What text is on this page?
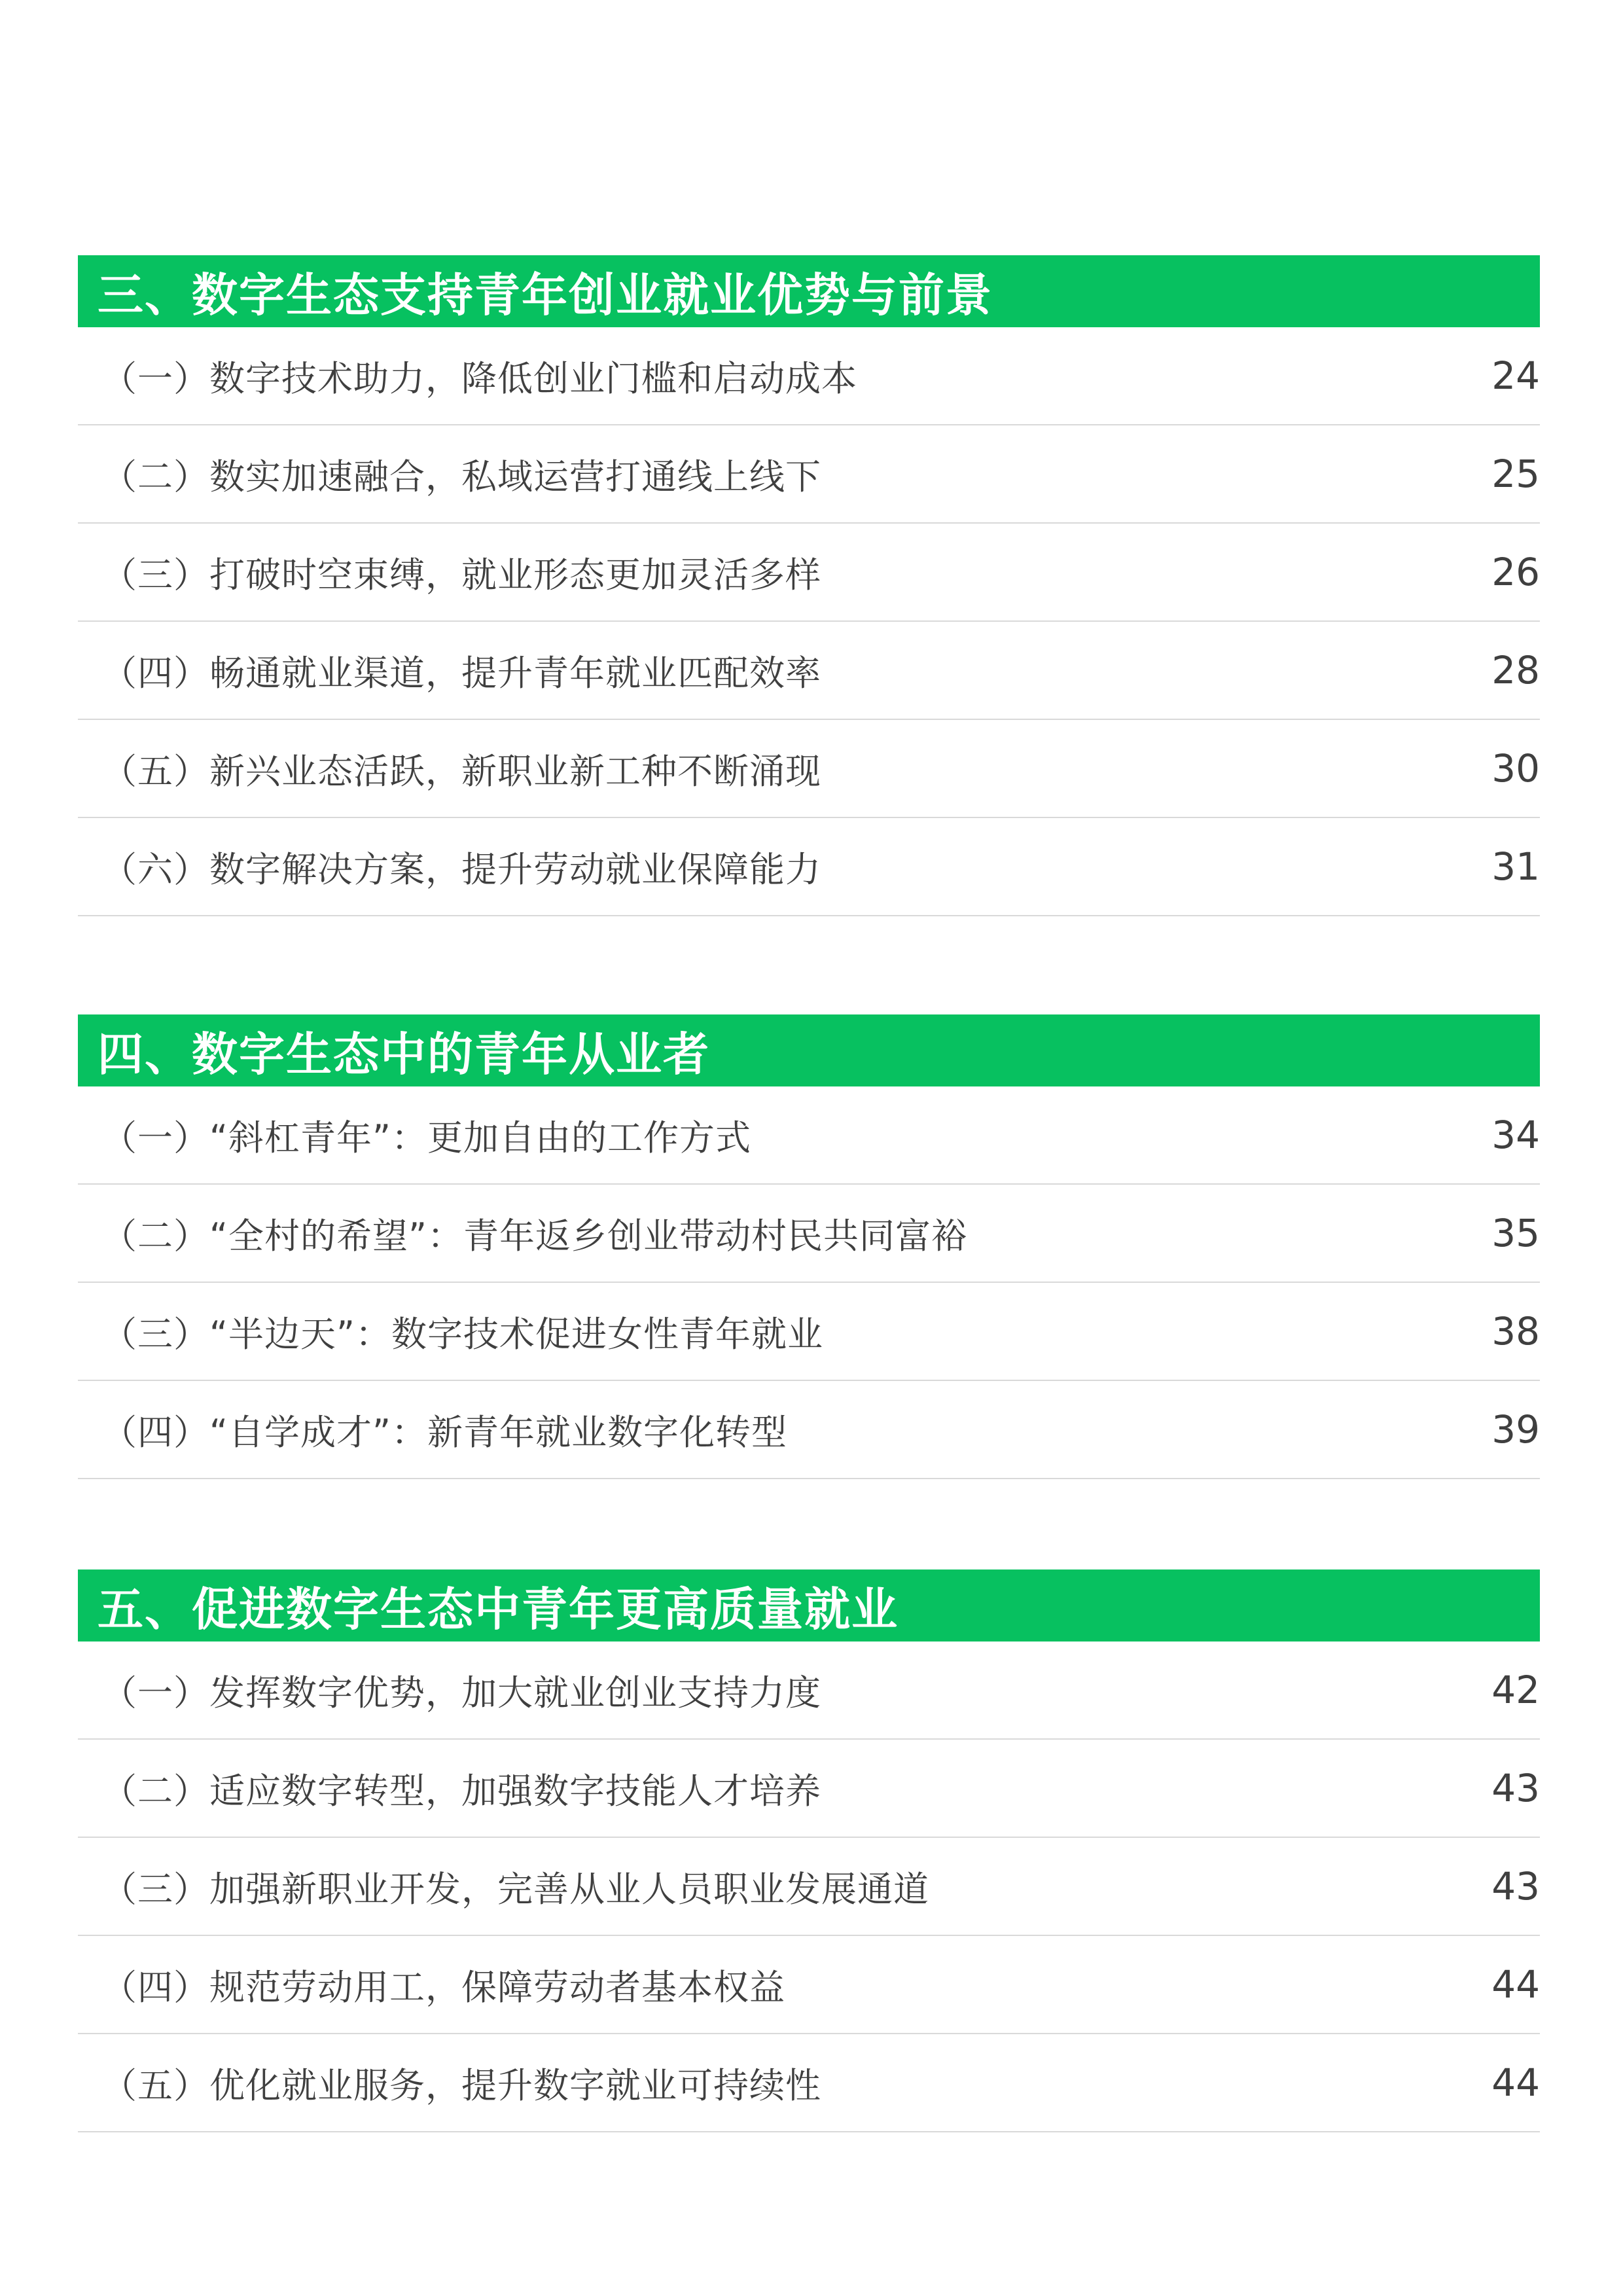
三、数字生态支持青年创业就业优势与前景
（一）数字技术助力，降低创业门槛和启动成本	24
（二）数实加速融合，私域运营打通线上线下	25
（三）打破时空束缚，就业形态更加灵活多样	26
（四）畅通就业渠道，提升青年就业匹配效率	28
（五）新兴业态活跃，新职业新工种不断涌现	30
（六）数字解决方案，提升劳动就业保障能力	31
四、数字生态中的青年从业者
（一）“斜杠青年”：更加自由的工作方式	34
（二）“全村的希望”：青年返乡创业带动村民共同富裕	35
（三）“半边天”：数字技术促进女性青年就业	38
（四）“自学成才”：新青年就业数字化转型	39
五、促进数字生态中青年更高质量就业
（一）发挥数字优势，加大就业创业支持力度	42
（二）适应数字转型，加强数字技能人才培养	43
（三）加强新职业开发，完善从业人员职业发展通道	43
（四）规范劳动用工，保障劳动者基本权益	44
（五）优化就业服务，提升数字就业可持续性	44
